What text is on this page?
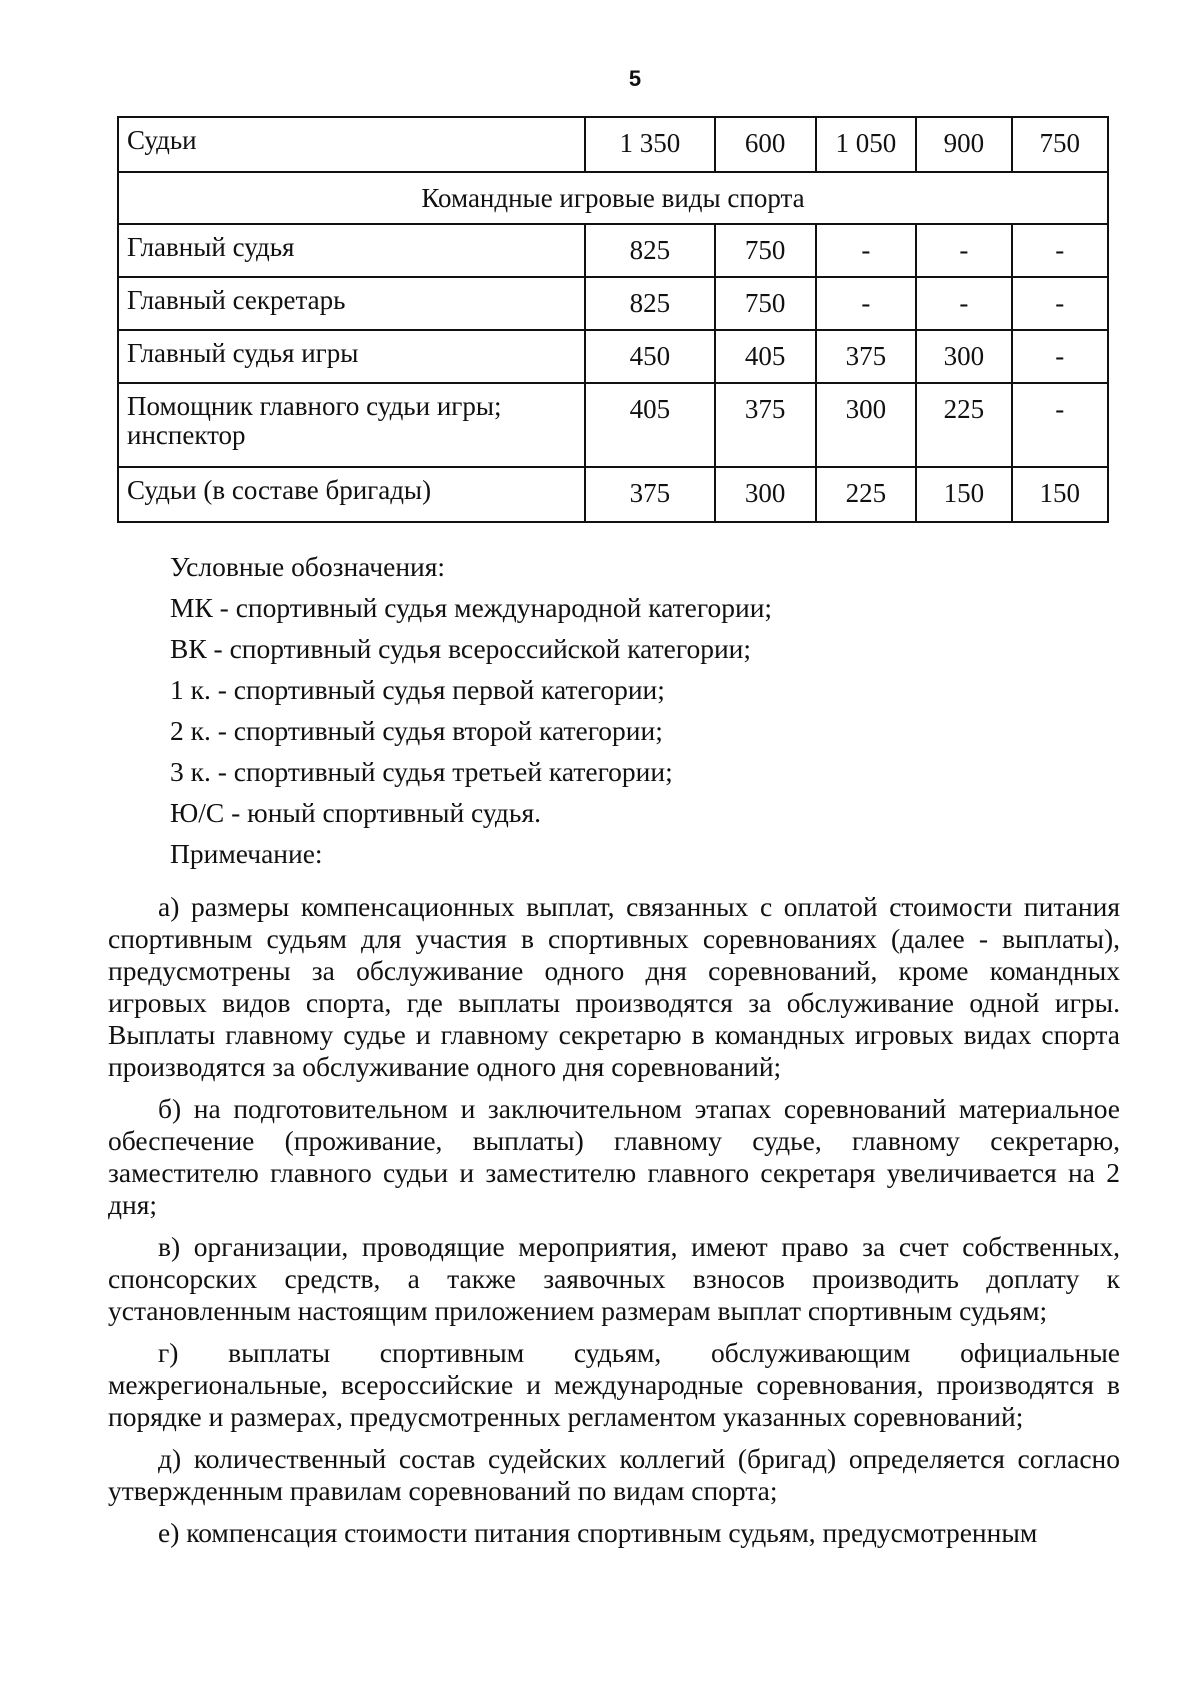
5
Судьи	1 350	600	1 050	900	750
Командные игровые виды спорта					
Главный судья	825	750	-	-	-
Главный секретарь	825	750	-	-	-
Главный судья игры	450	405	375	300	-
Помощник главного судьи игры;
инспектор	405	375	300	225	-
Судьи (в составе бригады)	375	300	225	150	150
Условные обозначения:
МК - спортивный судья международной категории;
ВК - спортивный судья всероссийской категории;
1 к. - спортивный судья первой категории;
2 к. - спортивный судья второй категории;
3 к. - спортивный судья третьей категории;
Ю/С - юный спортивный судья.
Примечание:

а) размеры компенсационных выплат, связанных с оплатой стоимости питания спортивным судьям для участия в спортивных соревнованиях (далее - выплаты), предусмотрены за обслуживание одного дня соревнований, кроме командных игровых видов спорта, где выплаты производятся за обслуживание одной игры. Выплаты главному судье и главному секретарю в командных игровых видах спорта производятся за обслуживание одного дня соревнований;

б) на подготовительном и заключительном этапах соревнований материальное обеспечение (проживание, выплаты) главному судье, главному секретарю, заместителю главного судьи и заместителю главного секретаря увеличивается на 2 дня;

в) организации, проводящие мероприятия, имеют право за счет собственных, спонсорских средств, а также заявочных взносов производить доплату к установленным настоящим приложением размерам выплат спортивным судьям;

г) выплаты спортивным судьям, обслуживающим официальные межрегиональные, всероссийские и международные соревнования, производятся в порядке и размерах, предусмотренных регламентом указанных соревнований;

д) количественный состав судейских коллегий (бригад) определяется согласно утвержденным правилам соревнований по видам спорта;

е) компенсация стоимости питания спортивным судьям, предусмотренным
